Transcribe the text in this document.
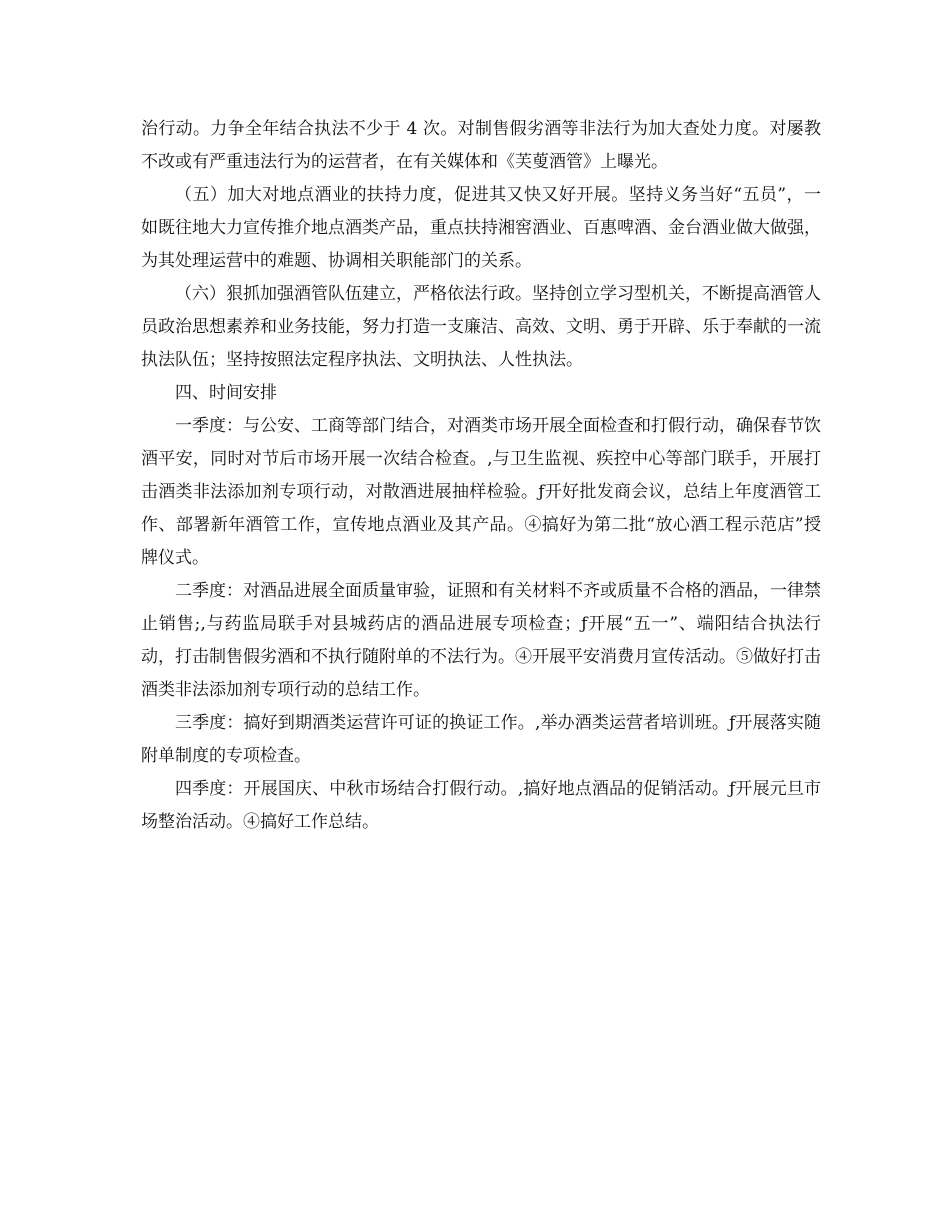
治行动。力争全年结合执法不少于 4 次。对制售假劣酒等非法行为加大查处力度。对屡教不改或有严重违法行为的运营者，在有关媒体和《芙蓃酒管》上曝光。

（五）加大对地点酒业的扶持力度，促进其又快又好开展。坚持义务当好“五员”，一如既往地大力宣传推介地点酒类产品，重点扶持湘窖酒业、百惠啤酒、金台酒业做大做强，为其处理运营中的难题、协调相关职能部门的关系。

（六）狠抓加强酒管队伍建立，严格依法行政。坚持创立学习型机关，不断提高酒管人员政治思想素养和业务技能，努力打造一支廉洁、高效、文明、勇于开辟、乐于奉献的一流执法队伍；坚持按照法定程序执法、文明执法、人性执法。

四、时间安排

一季度：与公安、工商等部门结合，对酒类市场开展全面检查和打假行动，确保春节饮酒平安，同时对节后市场开展一次结合检查。‚与卫生监视、疾控中心等部门联手，开展打击酒类非法添加剂专项行动，对散酒进展抽样检验。ƒ开好批发商会议，总结上年度酒管工作、部署新年酒管工作，宣传地点酒业及其产品。④搞好为第二批“放心酒工程示范店”授牌仪式。

二季度：对酒品进展全面质量审验，证照和有关材料不齐或质量不合格的酒品，一律禁止销售;‚与药监局联手对县城药店的酒品进展专项检查；ƒ开展“五一”、端阳结合执法行动，打击制售假劣酒和不执行随附单的不法行为。④开展平安消费月宣传活动。⑤做好打击酒类非法添加剂专项行动的总结工作。

三季度：搞好到期酒类运营许可证的换证工作。‚举办酒类运营者培训班。ƒ开展落实随附单制度的专项检查。

四季度：开展国庆、中秋市场结合打假行动。‚搞好地点酒品的促销活动。ƒ开展元旦市场整治活动。④搞好工作总结。
